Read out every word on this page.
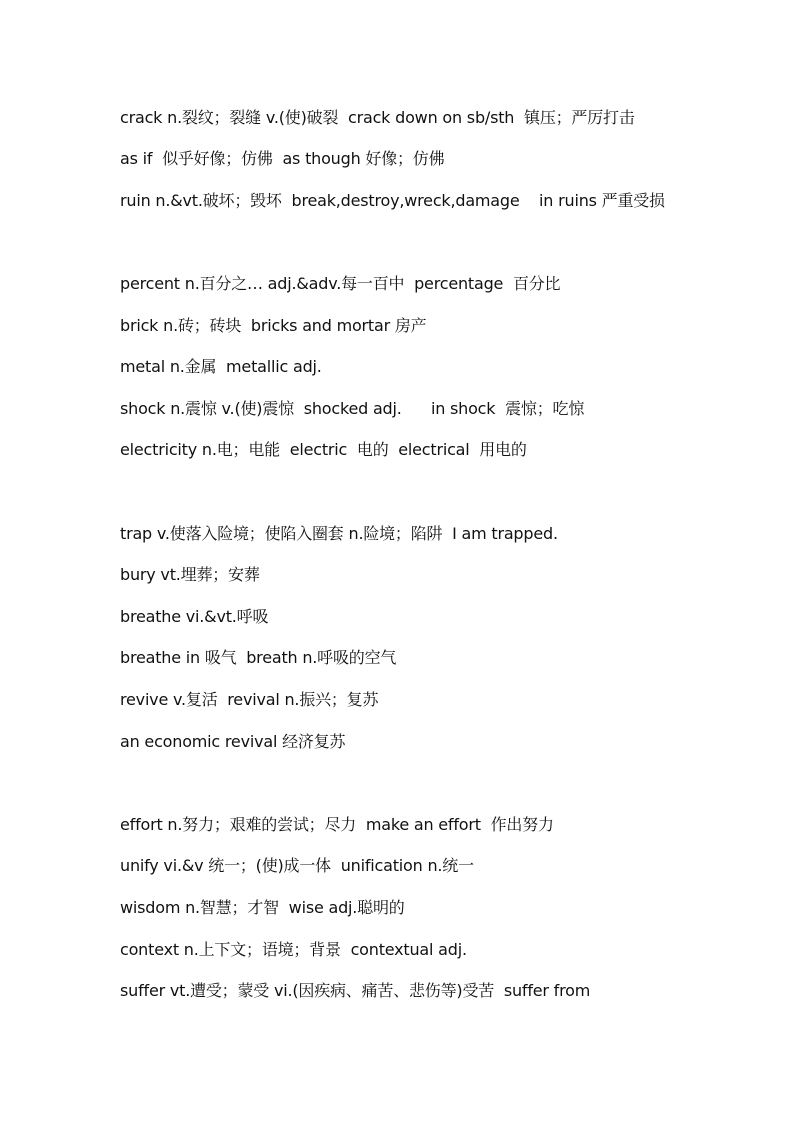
crack n.裂纹；裂缝 v.(使)破裂  crack down on sb/sth  镇压；严厉打击
as if  似乎好像；仿佛  as though 好像；仿佛
ruin n.&vt.破坏；毁坏  break,destroy,wreck,damage    in ruins 严重受损
percent n.百分之… adj.&adv.每一百中  percentage  百分比
brick n.砖；砖块  bricks and mortar 房产
metal n.金属  metallic adj.
shock n.震惊 v.(使)震惊  shocked adj.      in shock  震惊；吃惊
electricity n.电；电能  electric  电的  electrical  用电的
trap v.使落入险境；使陷入圈套 n.险境；陷阱  I am trapped.
bury vt.埋葬；安葬
breathe vi.&vt.呼吸
breathe in 吸气  breath n.呼吸的空气
revive v.复活  revival n.振兴；复苏
an economic revival 经济复苏
effort n.努力；艰难的尝试；尽力  make an effort  作出努力
unify vi.&v 统一；(使)成一体  unification n.统一
wisdom n.智慧；才智  wise adj.聪明的
context n.上下文；语境；背景  contextual adj.
suffer vt.遭受；蒙受 vi.(因疾病、痛苦、悲伤等)受苦  suffer from
